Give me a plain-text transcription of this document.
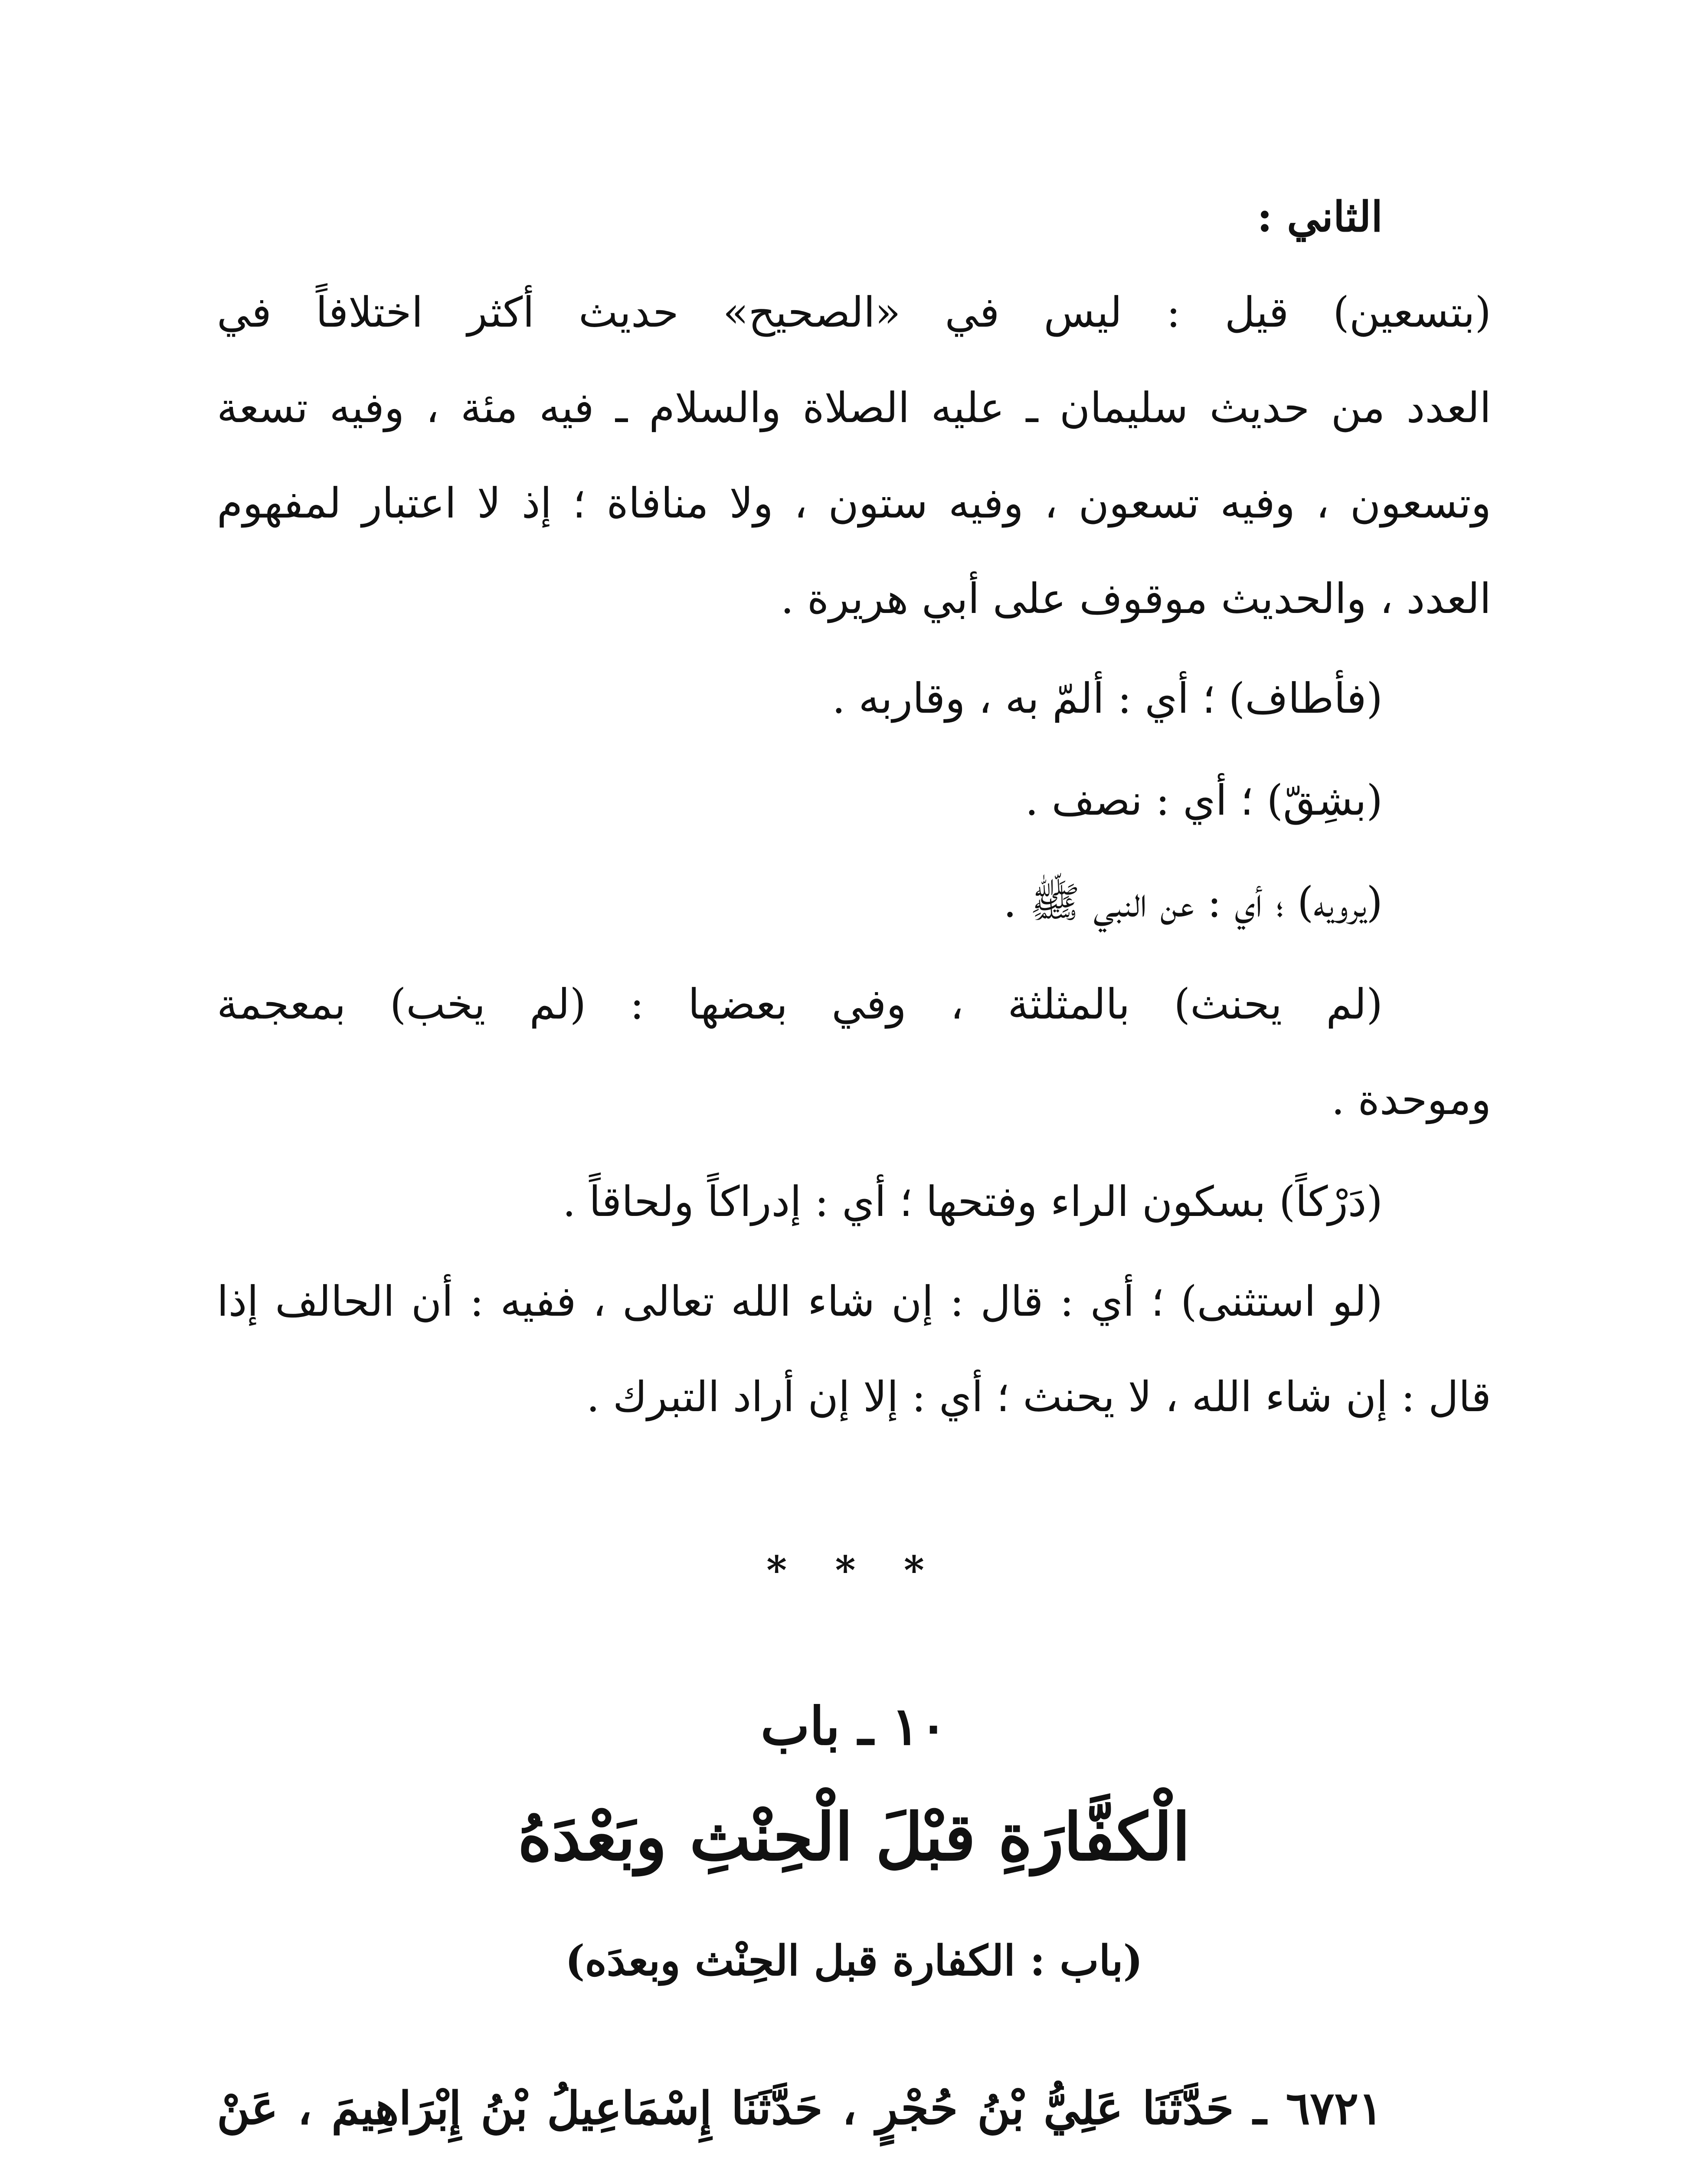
الثاني :
(بتسعين) قيل : ليس في «الصحيح» حديث أكثر اختلافاً في
العدد من حديث سليمان ـ عليه الصلاة والسلام ـ فيه مئة ، وفيه تسعة
وتسعون ، وفيه تسعون ، وفيه ستون ، ولا منافاة ؛ إذ لا اعتبار لمفهوم
العدد ، والحديث موقوف على أبي هريرة .
(فأطاف) ؛ أي : ألمّ به ، وقاربه .
(بشِقّ) ؛ أي : نصف .
(يرويه) ؛ أي : عن النبي ﷺ .
(لم يحنث) بالمثلثة ، وفي بعضها : (لم يخب) بمعجمة
وموحدة .
(دَرْكاً) بسكون الراء وفتحها ؛ أي : إدراكاً ولحاقاً .
(لو استثنى) ؛ أي : قال : إن شاء الله تعالى ، ففيه : أن الحالف إذا
قال : إن شاء الله ، لا يحنث ؛ أي : إلا إن أراد التبرك .
* * *
١٠ ـ باب
الْكفَّارَةِ قبْلَ الْحِنْثِ وبَعْدَهُ
(باب : الكفارة قبل الحِنْث وبعدَه)
٦٧٢١ ـ حَدَّثَنَا عَلِيُّ بْنُ حُجْرٍ ، حَدَّثَنَا إِسْمَاعِيلُ بْنُ إِبْرَاهِيمَ ، عَنْ
